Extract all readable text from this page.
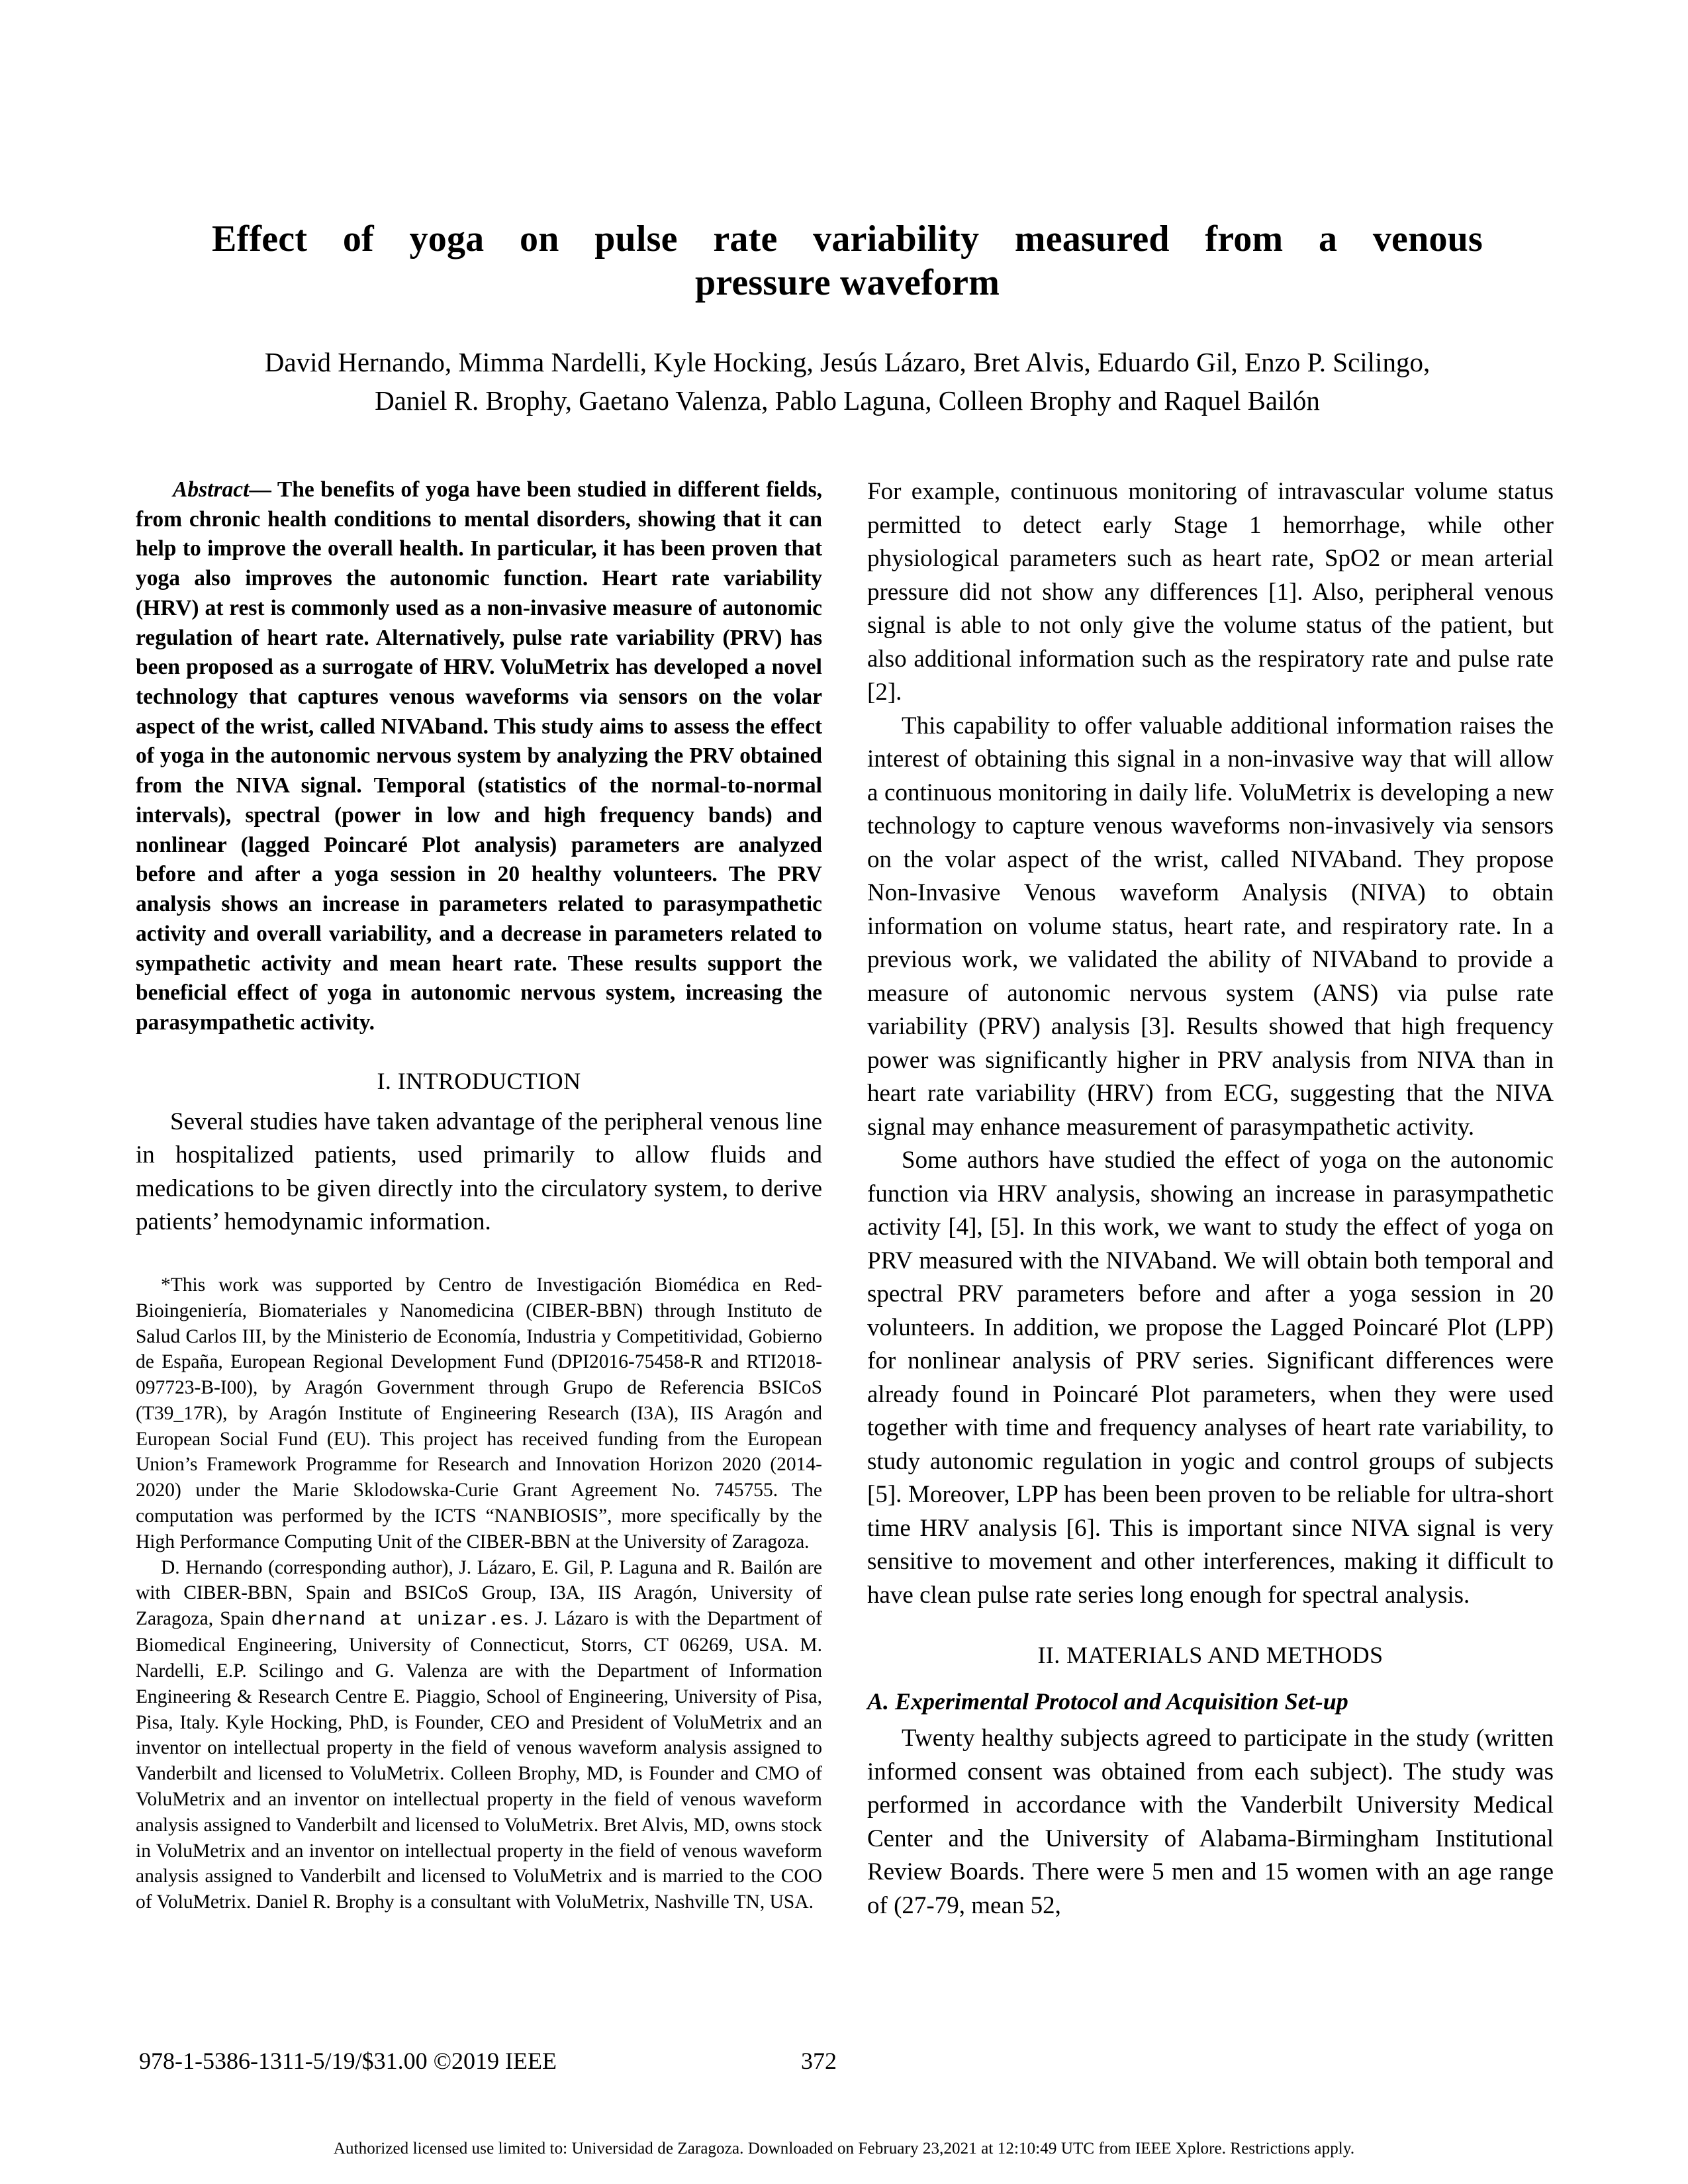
Effect of yoga on pulse rate variability measured from a venous
pressure waveform
David Hernando, Mimma Nardelli, Kyle Hocking, Jesús Lázaro, Bret Alvis, Eduardo Gil, Enzo P. Scilingo,
Daniel R. Brophy, Gaetano Valenza, Pablo Laguna, Colleen Brophy and Raquel Bailón

Abstract— The benefits of yoga have been studied in different fields, from chronic health conditions to mental disorders, showing that it can help to improve the overall health. In particular, it has been proven that yoga also improves the autonomic function. Heart rate variability (HRV) at rest is commonly used as a non-invasive measure of autonomic regulation of heart rate. Alternatively, pulse rate variability (PRV) has been proposed as a surrogate of HRV. VoluMetrix has developed a novel technology that captures venous waveforms via sensors on the volar aspect of the wrist, called NIVAband. This study aims to assess the effect of yoga in the autonomic nervous system by analyzing the PRV obtained from the NIVA signal. Temporal (statistics of the normal-to-normal intervals), spectral (power in low and high frequency bands) and nonlinear (lagged Poincaré Plot analysis) parameters are analyzed before and after a yoga session in 20 healthy volunteers. The PRV analysis shows an increase in parameters related to parasympathetic activity and overall variability, and a decrease in parameters related to sympathetic activity and mean heart rate. These results support the beneficial effect of yoga in autonomic nervous system, increasing the parasympathetic activity.

I. INTRODUCTION

Several studies have taken advantage of the peripheral venous line in hospitalized patients, used primarily to allow fluids and medications to be given directly into the circulatory system, to derive patients’ hemodynamic information.

*This work was supported by Centro de Investigación Biomédica en Red-Bioingeniería, Biomateriales y Nanomedicina (CIBER-BBN) through Instituto de Salud Carlos III, by the Ministerio de Economía, Industria y Competitividad, Gobierno de España, European Regional Development Fund (DPI2016-75458-R and RTI2018-097723-B-I00), by Aragón Government through Grupo de Referencia BSICoS (T39_17R), by Aragón Institute of Engineering Research (I3A), IIS Aragón and European Social Fund (EU). This project has received funding from the European Union’s Framework Programme for Research and Innovation Horizon 2020 (2014-2020) under the Marie Sklodowska-Curie Grant Agreement No. 745755. The computation was performed by the ICTS “NANBIOSIS”, more specifically by the High Performance Computing Unit of the CIBER-BBN at the University of Zaragoza.

D. Hernando (corresponding author), J. Lázaro, E. Gil, P. Laguna and R. Bailón are with CIBER-BBN, Spain and BSICoS Group, I3A, IIS Aragón, University of Zaragoza, Spain dhernand at unizar.es. J. Lázaro is with the Department of Biomedical Engineering, University of Connecticut, Storrs, CT 06269, USA. M. Nardelli, E.P. Scilingo and G. Valenza are with the Department of Information Engineering & Research Centre E. Piaggio, School of Engineering, University of Pisa, Pisa, Italy. Kyle Hocking, PhD, is Founder, CEO and President of VoluMetrix and an inventor on intellectual property in the field of venous waveform analysis assigned to Vanderbilt and licensed to VoluMetrix. Colleen Brophy, MD, is Founder and CMO of VoluMetrix and an inventor on intellectual property in the field of venous waveform analysis assigned to Vanderbilt and licensed to VoluMetrix. Bret Alvis, MD, owns stock in VoluMetrix and an inventor on intellectual property in the field of venous waveform analysis assigned to Vanderbilt and licensed to VoluMetrix and is married to the COO of VoluMetrix. Daniel R. Brophy is a consultant with VoluMetrix, Nashville TN, USA.

For example, continuous monitoring of intravascular volume status permitted to detect early Stage 1 hemorrhage, while other physiological parameters such as heart rate, SpO2 or mean arterial pressure did not show any differences [1]. Also, peripheral venous signal is able to not only give the volume status of the patient, but also additional information such as the respiratory rate and pulse rate [2].

This capability to offer valuable additional information raises the interest of obtaining this signal in a non-invasive way that will allow a continuous monitoring in daily life. VoluMetrix is developing a new technology to capture venous waveforms non-invasively via sensors on the volar aspect of the wrist, called NIVAband. They propose Non-Invasive Venous waveform Analysis (NIVA) to obtain information on volume status, heart rate, and respiratory rate. In a previous work, we validated the ability of NIVAband to provide a measure of autonomic nervous system (ANS) via pulse rate variability (PRV) analysis [3]. Results showed that high frequency power was significantly higher in PRV analysis from NIVA than in heart rate variability (HRV) from ECG, suggesting that the NIVA signal may enhance measurement of parasympathetic activity.

Some authors have studied the effect of yoga on the autonomic function via HRV analysis, showing an increase in parasympathetic activity [4], [5]. In this work, we want to study the effect of yoga on PRV measured with the NIVAband. We will obtain both temporal and spectral PRV parameters before and after a yoga session in 20 volunteers. In addition, we propose the Lagged Poincaré Plot (LPP) for nonlinear analysis of PRV series. Significant differences were already found in Poincaré Plot parameters, when they were used together with time and frequency analyses of heart rate variability, to study autonomic regulation in yogic and control groups of subjects [5]. Moreover, LPP has been been proven to be reliable for ultra-short time HRV analysis [6]. This is important since NIVA signal is very sensitive to movement and other interferences, making it difficult to have clean pulse rate series long enough for spectral analysis.

II. MATERIALS AND METHODS
A. Experimental Protocol and Acquisition Set-up

Twenty healthy subjects agreed to participate in the study (written informed consent was obtained from each subject). The study was performed in accordance with the Vanderbilt University Medical Center and the University of Alabama-Birmingham Institutional Review Boards. There were 5 men and 15 women with an age range of (27-79, mean 52,

978-1-5386-1311-5/19/$31.00 ©2019 IEEE	372
Authorized licensed use limited to: Universidad de Zaragoza. Downloaded on February 23,2021 at 12:10:49 UTC from IEEE Xplore. Restrictions apply.
